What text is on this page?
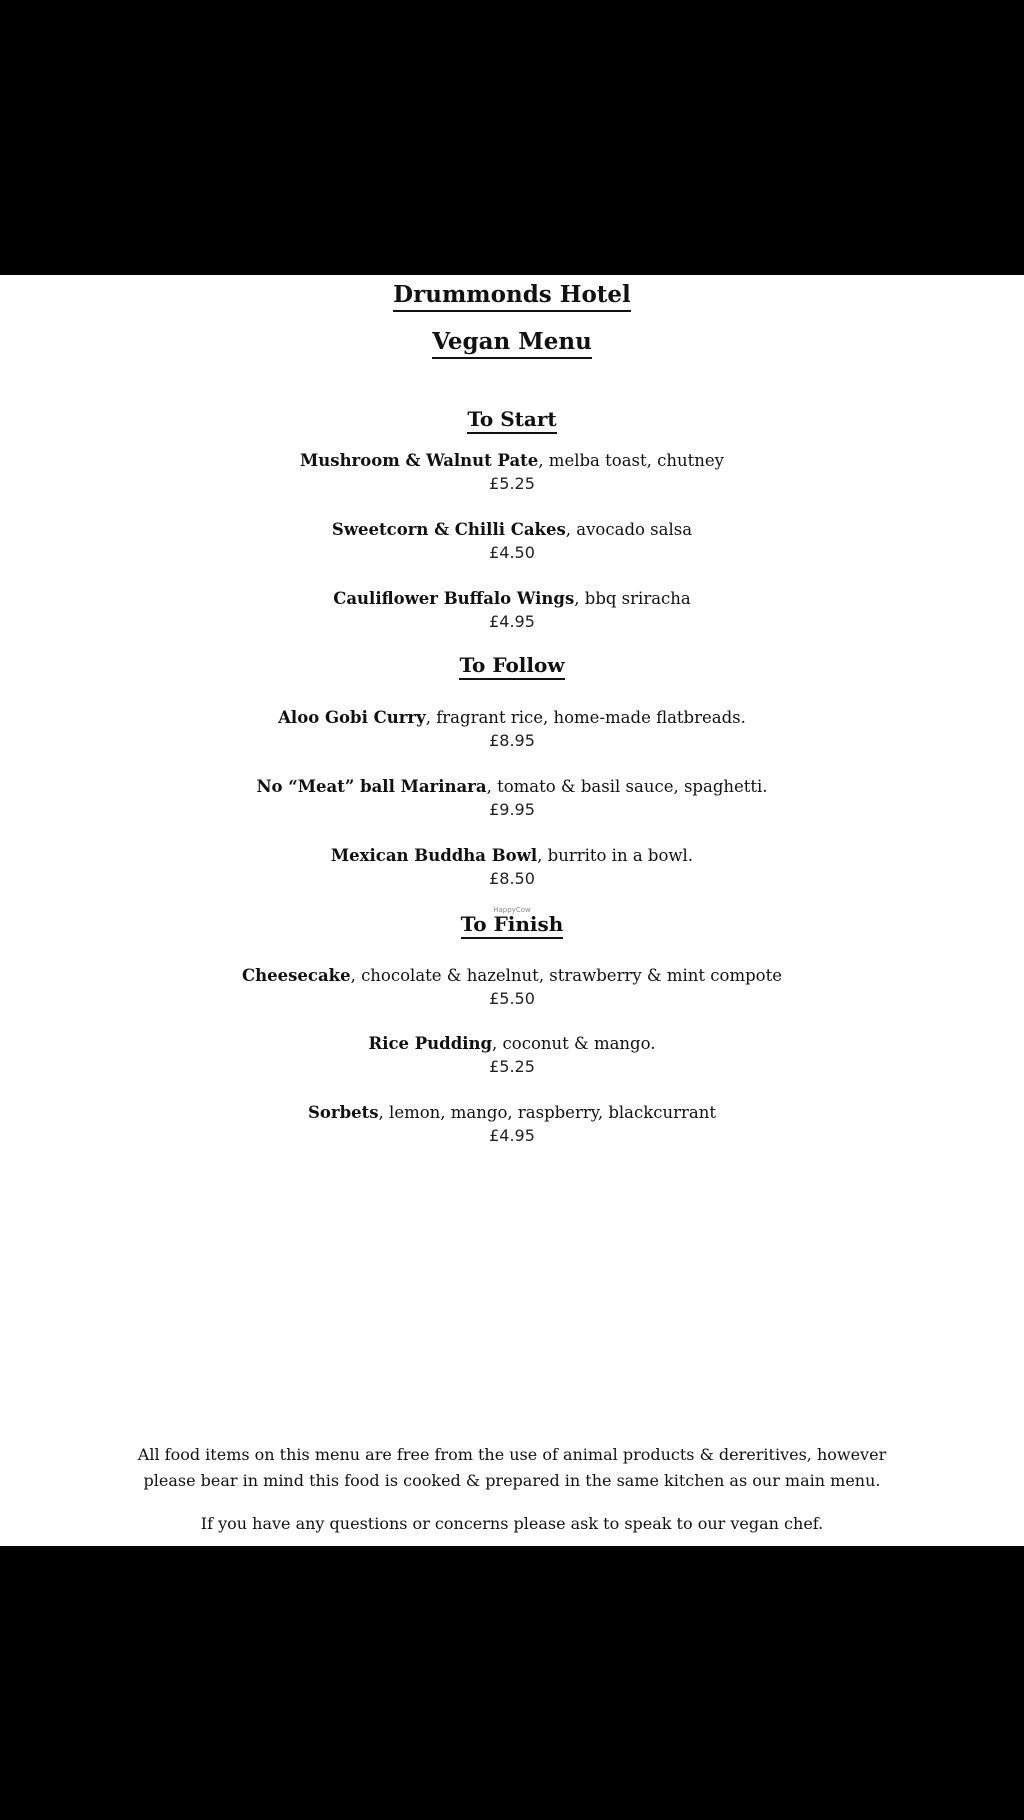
Drummonds Hotel
Vegan Menu
To Start
Mushroom & Walnut Pate, melba toast, chutney
£5.25
Sweetcorn & Chilli Cakes, avocado salsa
£4.50
Cauliflower Buffalo Wings, bbq sriracha
£4.95
To Follow
Aloo Gobi Curry, fragrant rice, home-made flatbreads.
£8.95
No “Meat” ball Marinara, tomato & basil sauce, spaghetti.
£9.95
Mexican Buddha Bowl, burrito in a bowl.
£8.50
HappyCow
To Finish
Cheesecake, chocolate & hazelnut, strawberry & mint compote
£5.50
Rice Pudding, coconut & mango.
£5.25
Sorbets, lemon, mango, raspberry, blackcurrant
£4.95
All food items on this menu are free from the use of animal products & dereritives, however
please bear in mind this food is cooked & prepared in the same kitchen as our main menu.
If you have any questions or concerns please ask to speak to our vegan chef.
